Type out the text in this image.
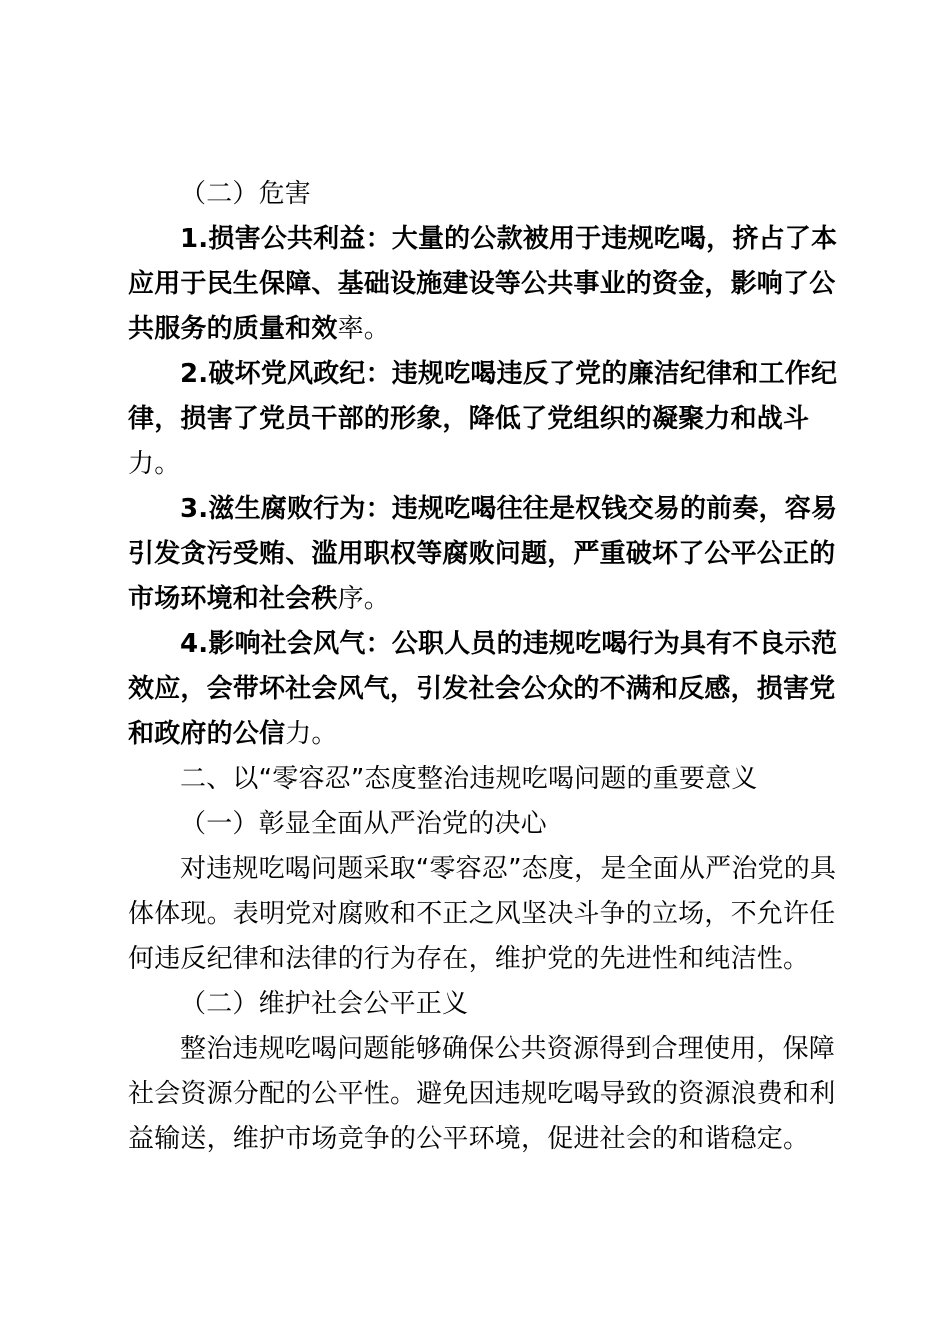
（二）危害
1.损害公共利益：大量的公款被用于违规吃喝，挤占了本
应用于民生保障、基础设施建设等公共事业的资金，影响了公
共服务的质量和效率。
2.破坏党风政纪：违规吃喝违反了党的廉洁纪律和工作纪
律，损害了党员干部的形象，降低了党组织的凝聚力和战斗
力。
3.滋生腐败行为：违规吃喝往往是权钱交易的前奏，容易
引发贪污受贿、滥用职权等腐败问题，严重破坏了公平公正的
市场环境和社会秩序。
4.影响社会风气：公职人员的违规吃喝行为具有不良示范
效应，会带坏社会风气，引发社会公众的不满和反感，损害党
和政府的公信力。
二、以“零容忍”态度整治违规吃喝问题的重要意义
（一）彰显全面从严治党的决心
对违规吃喝问题采取“零容忍”态度，是全面从严治党的具
体体现。表明党对腐败和不正之风坚决斗争的立场，不允许任
何违反纪律和法律的行为存在，维护党的先进性和纯洁性。
（二）维护社会公平正义
整治违规吃喝问题能够确保公共资源得到合理使用，保障
社会资源分配的公平性。避免因违规吃喝导致的资源浪费和利
益输送，维护市场竞争的公平环境，促进社会的和谐稳定。
